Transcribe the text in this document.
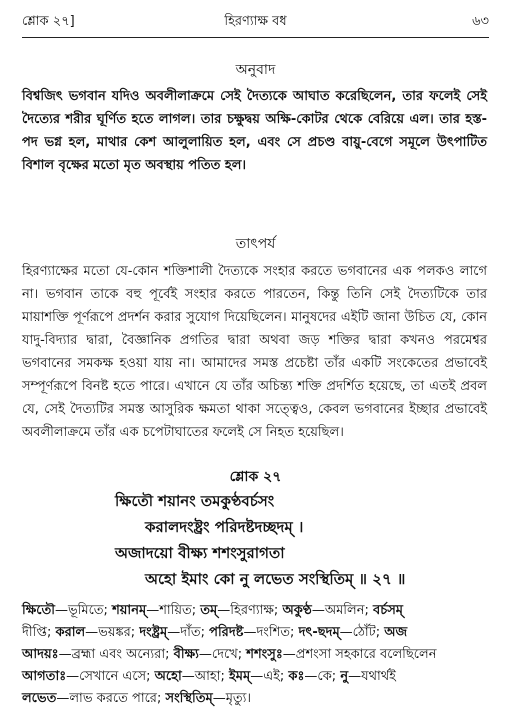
শ্লোক ২৭]	হিরণ্যাক্ষ বধ	৬৩
অনুবাদ
বিশ্বজিৎ ভগবান যদিও অবলীলাক্রমে সেই দৈত্যকে আঘাত করেছিলেন, তার ফলেই সেই দৈত্যের শরীর ঘূর্ণিত হতে লাগল। তার চক্ষুদ্বয় অক্ষি-কোটর থেকে বেরিয়ে এল। তার হস্ত-পদ ভগ্ন হল, মাথার কেশ আলুলায়িত হল, এবং সে প্রচণ্ড বায়ু-বেগে সমূলে উৎপাটিত বিশাল বৃক্ষের মতো মৃত অবস্থায় পতিত হল।
তাৎপর্য
হিরণ্যাক্ষের মতো যে-কোন শক্তিশালী দৈত্যকে সংহার করতে ভগবানের এক পলকও লাগে না। ভগবান তাকে বহু পূর্বেই সংহার করতে পারতেন, কিন্তু তিনি সেই দৈত্যটিকে তার মায়াশক্তি পূর্ণরূপে প্রদর্শন করার সুযোগ দিয়েছিলেন। মানুষদের এইটি জানা উচিত যে, কোন যাদু-বিদ্যার দ্বারা, বৈজ্ঞানিক প্রগতির দ্বারা অথবা জড় শক্তির দ্বারা কখনও পরমেশ্বর ভগবানের সমকক্ষ হওয়া যায় না। আমাদের সমস্ত প্রচেষ্টা তাঁর একটি সংকেতের প্রভাবেই সম্পূর্ণরূপে বিনষ্ট হতে পারে। এখানে যে তাঁর অচিন্ত্য শক্তি প্রদর্শিত হয়েছে, তা এতই প্রবল যে, সেই দৈত্যটির সমস্ত আসুরিক ক্ষমতা থাকা সত্ত্বেও, কেবল ভগবানের ইচ্ছার প্রভাবেই অবলীলাক্রমে তাঁর এক চপেটাঘাতের ফলেই সে নিহত হয়েছিল।
শ্লোক ২৭
ক্ষিতৌ শয়ানং তমকুণ্ঠবর্চসং
করালদংষ্ট্রং পরিদষ্টদচ্ছদম্ ।
অজাদয়ো বীক্ষ্য শশংসুরাগতা
অহো ইমাং কো নু লভেত সংস্থিতিম্ ॥ ২৭ ॥
ক্ষিতৌ—ভূমিতে; শয়ানম্—শায়িত; তম্—হিরণ্যাক্ষ; অকুণ্ঠ—অমলিন; বর্চসম্
দীপ্তি; করাল—ভয়ঙ্কর; দংষ্ট্রম্—দাঁত; পরিদষ্ট—দংশিত; দৎ-ছদম্—ঠোঁট; অজ
আদয়ঃ—ব্রহ্মা এবং অন্যেরা; বীক্ষ্য—দেখে; শশংসুঃ—প্রশংসা সহকারে বলেছিলেন
আগতাঃ—সেখানে এসে; অহো—আহা; ইমম্—এই; কঃ—কে; নু—যথার্থই
লভেত—লাভ করতে পারে; সংস্থিতিম্—মৃত্যু।
